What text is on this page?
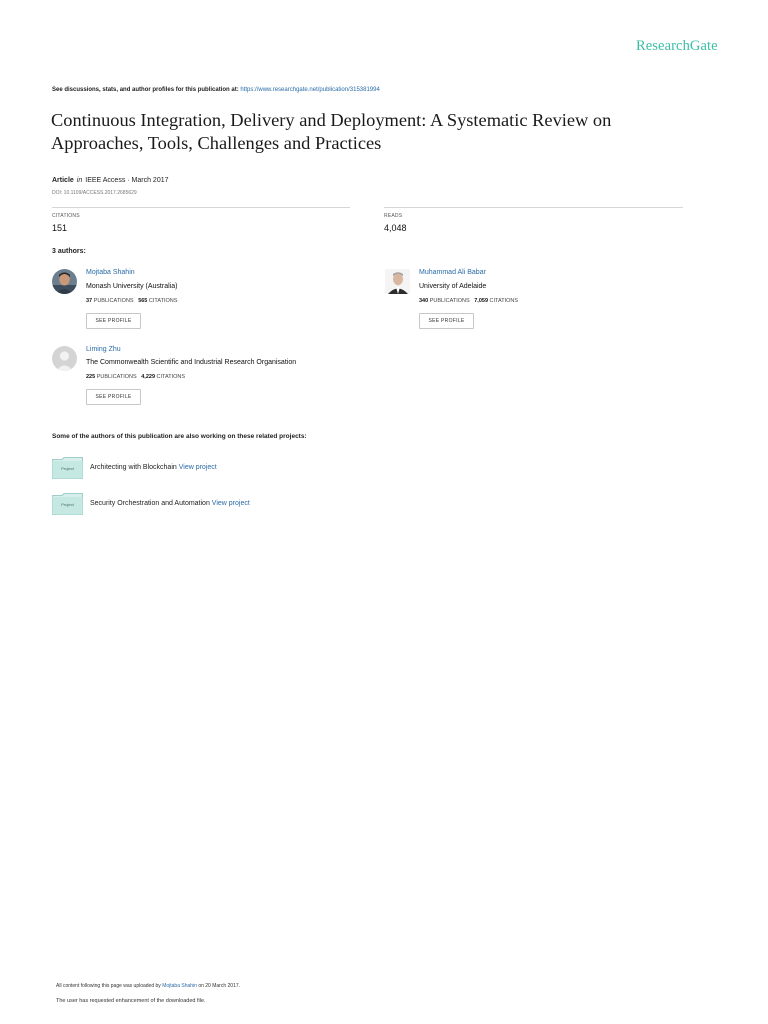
ResearchGate
See discussions, stats, and author profiles for this publication at: https://www.researchgate.net/publication/315381994
Continuous Integration, Delivery and Deployment: A Systematic Review on
Approaches, Tools, Challenges and Practices
Article in IEEE Access · March 2017
DOI: 10.1109/ACCESS.2017.2685629
CITATIONS
151
READS
4,048
3 authors:
Mojtaba Shahin
Monash University (Australia)
37 PUBLICATIONS 565 CITATIONS
SEE PROFILE
Muhammad Ali Babar
University of Adelaide
340 PUBLICATIONS 7,059 CITATIONS
SEE PROFILE
Liming Zhu
The Commonwealth Scientific and Industrial Research Organisation
225 PUBLICATIONS 4,229 CITATIONS
SEE PROFILE
Some of the authors of this publication are also working on these related projects:
Project	Architecting with Blockchain View project
Project	Security Orchestration and Automation View project
All content following this page was uploaded by Mojtaba Shahin on 20 March 2017.
The user has requested enhancement of the downloaded file.
